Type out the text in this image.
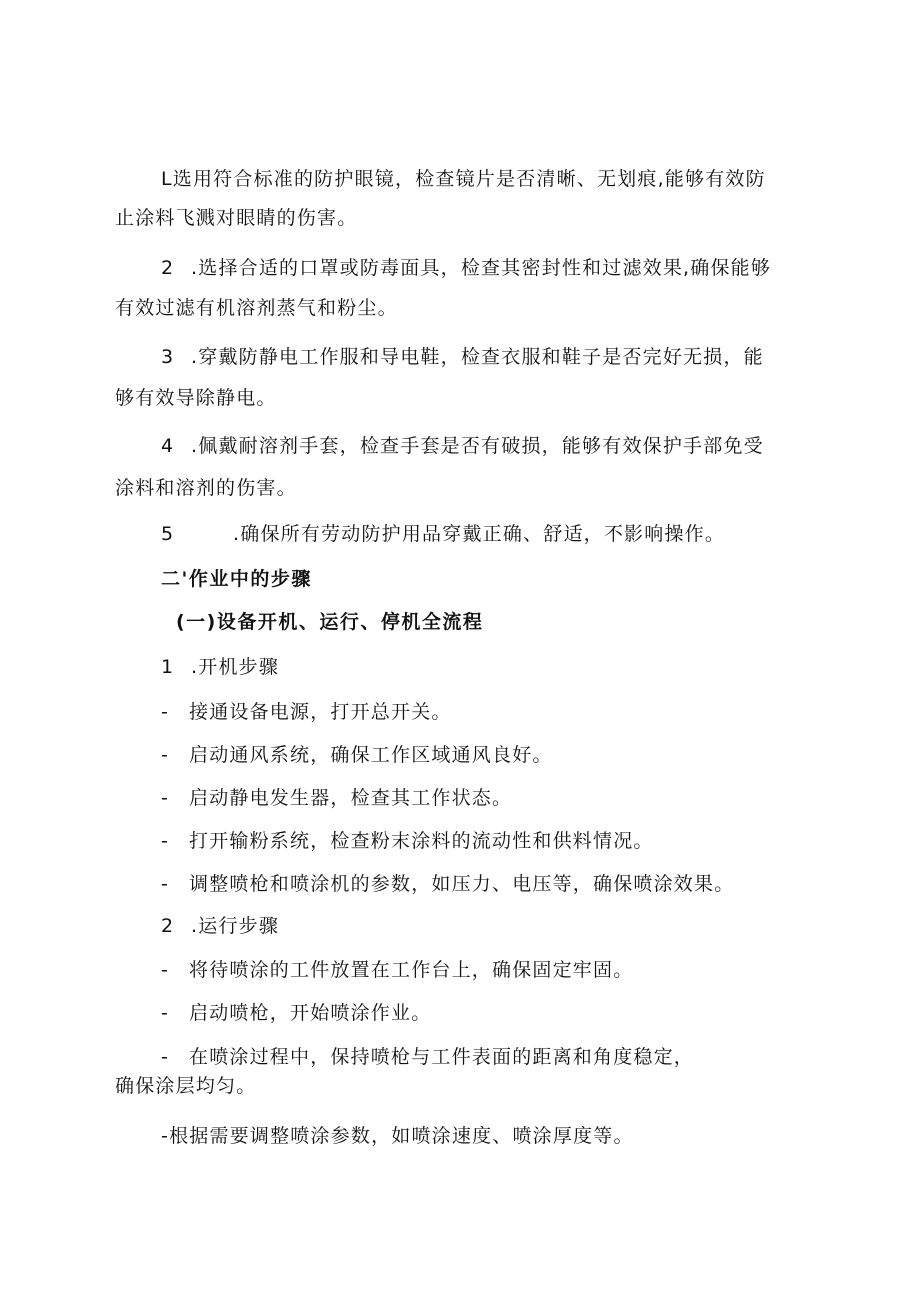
L选用符合标准的防护眼镜，检查镜片是否清晰、无划痕,能够有效防
止涂料飞溅对眼睛的伤害。
2 .选择合适的口罩或防毒面具，检查其密封性和过滤效果,确保能够
有效过滤有机溶剂蒸气和粉尘。
3 .穿戴防静电工作服和导电鞋，检查衣服和鞋子是否完好无损，能
够有效导除静电。
4 .佩戴耐溶剂手套，检查手套是否有破损，能够有效保护手部免受
涂料和溶剂的伤害。
5	.确保所有劳动防护用品穿戴正确、舒适，不影响操作。
二'作业中的步骤
(一)设备开机、运行、停机全流程
1 .开机步骤
- 接通设备电源，打开总开关。
- 启动通风系统，确保工作区域通风良好。
- 启动静电发生器，检查其工作状态。
- 打开输粉系统，检查粉末涂料的流动性和供料情况。
- 调整喷枪和喷涂机的参数，如压力、电压等，确保喷涂效果。
2 .运行步骤
- 将待喷涂的工件放置在工作台上，确保固定牢固。
- 启动喷枪，开始喷涂作业。
- 在喷涂过程中，保持喷枪与工件表面的距离和角度稳定，
确保涂层均匀。
-根据需要调整喷涂参数，如喷涂速度、喷涂厚度等。
